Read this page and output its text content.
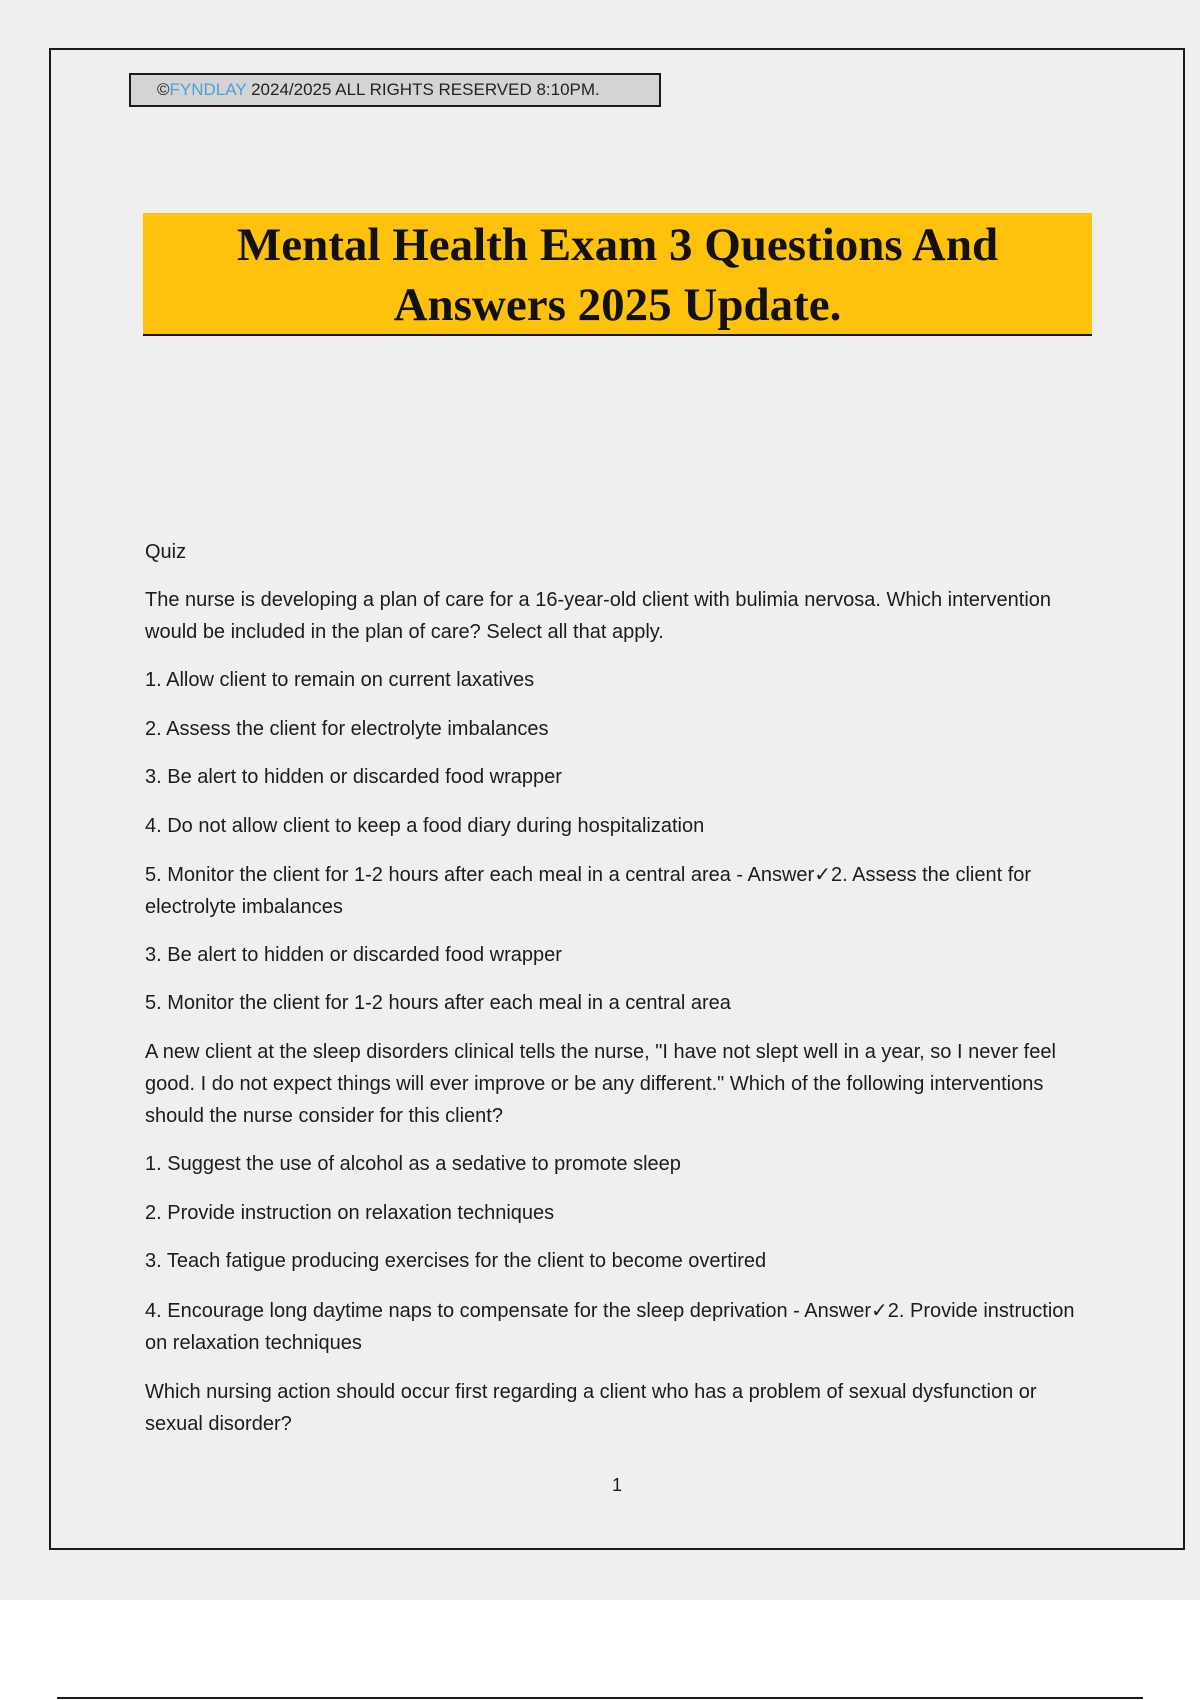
©FYNDLAY 2024/2025 ALL RIGHTS RESERVED 8:10PM.
Mental Health Exam 3 Questions And
Answers 2025 Update.

Quiz

The nurse is developing a plan of care for a 16-year-old client with bulimia nervosa. Which intervention would be included in the plan of care? Select all that apply.

1. Allow client to remain on current laxatives

2. Assess the client for electrolyte imbalances

3. Be alert to hidden or discarded food wrapper

4. Do not allow client to keep a food diary during hospitalization

5. Monitor the client for 1-2 hours after each meal in a central area - Answer✓2. Assess the client for electrolyte imbalances

3. Be alert to hidden or discarded food wrapper

5. Monitor the client for 1-2 hours after each meal in a central area

A new client at the sleep disorders clinical tells the nurse, "I have not slept well in a year, so I never feel good. I do not expect things will ever improve or be any different." Which of the following interventions should the nurse consider for this client?

1. Suggest the use of alcohol as a sedative to promote sleep

2. Provide instruction on relaxation techniques

3. Teach fatigue producing exercises for the client to become overtired

4. Encourage long daytime naps to compensate for the sleep deprivation - Answer✓2. Provide instruction on relaxation techniques

Which nursing action should occur first regarding a client who has a problem of sexual dysfunction or sexual disorder?

1
